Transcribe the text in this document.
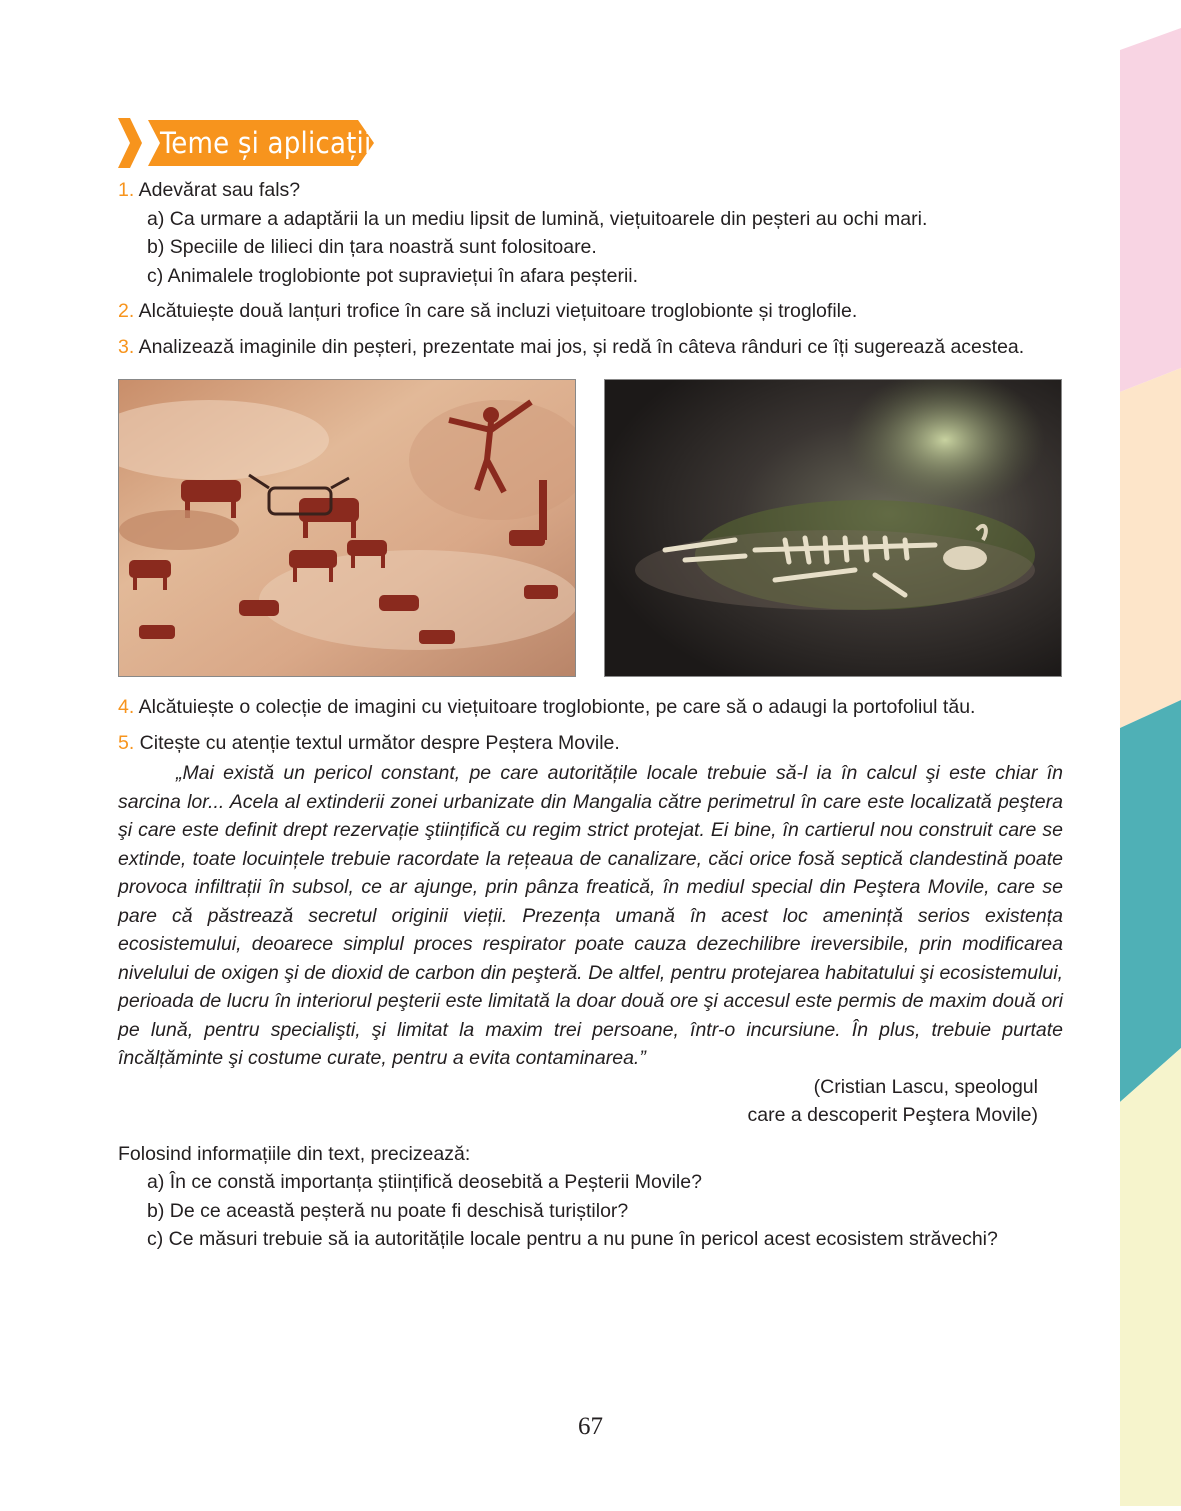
Teme și aplicații
1. Adevărat sau fals?
a) Ca urmare a adaptării la un mediu lipsit de lumină, viețuitoarele din peșteri au ochi mari.
b) Speciile de lilieci din țara noastră sunt folositoare.
c) Animalele troglobionte pot supraviețui în afara peșterii.
2. Alcătuiește două lanțuri trofice în care să incluzi viețuitoare troglobionte și troglofile.
3. Analizează imaginile din peșteri, prezentate mai jos, și redă în câteva rânduri ce îți sugerează acestea.
4. Alcătuiește o colecție de imagini cu viețuitoare troglobionte, pe care să o adaugi la portofoliul tău.
5. Citește cu atenție textul următor despre Peștera Movile.
„Mai există un pericol constant, pe care autoritățile locale trebuie să-l ia în calcul şi este chiar în sarcina lor... Acela al extinderii zonei urbanizate din Mangalia către perimetrul în care este localizată peştera şi care este definit drept rezervație ştiințifică cu regim strict protejat. Ei bine, în cartierul nou construit care se extinde, toate locuințele trebuie racordate la rețeaua de canalizare, căci orice fosă septică clandestină poate provoca infiltrații în subsol, ce ar ajunge, prin pânza freatică, în mediul special din Peştera Movile, care se pare că păstrează secretul originii vieții. Prezența umană în acest loc amenință serios existența ecosistemului, deoarece simplul proces respirator poate cauza dezechilibre ireversibile, prin modificarea nivelului de oxigen şi de dioxid de carbon din peşteră. De altfel, pentru protejarea habitatului şi ecosistemului, perioada de lucru în interiorul peşterii este limitată la doar două ore şi accesul este permis de maxim două ori pe lună, pentru specialişti, şi limitat la maxim trei persoane, într-o incursiune. În plus, trebuie purtate încălțăminte şi costume curate, pentru a evita contaminarea.”
(Cristian Lascu, speologul
care a descoperit Peştera Movile)
Folosind informațiile din text, precizează:
a) În ce constă importanța științifică deosebită a Peșterii Movile?
b) De ce această peșteră nu poate fi deschisă turiștilor?
c) Ce măsuri trebuie să ia autoritățile locale pentru a nu pune în pericol acest ecosistem străvechi?
67
